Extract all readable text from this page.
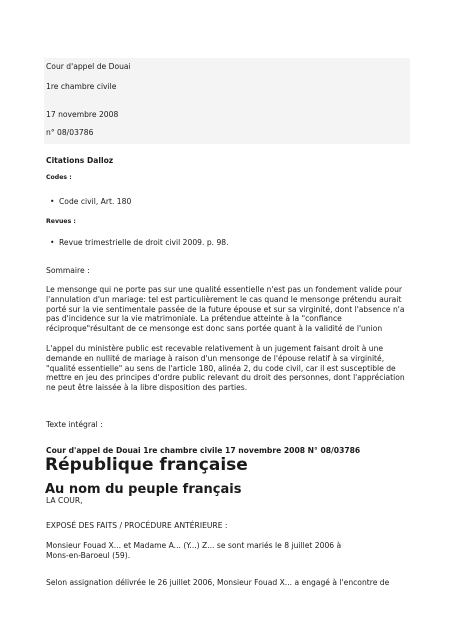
Cour d'appel de Douai
1re chambre civile
17 novembre 2008
n° 08/03786
Citations Dalloz
Codes :
• Code civil, Art. 180
Revues :
• Revue trimestrielle de droit civil 2009. p. 98.
Sommaire :
Le mensonge qui ne porte pas sur une qualité essentielle n'est pas un fondement valide pour
l'annulation d'un mariage: tel est particulièrement le cas quand le mensonge prétendu aurait
porté sur la vie sentimentale passée de la future épouse et sur sa virginité, dont l'absence n'a
pas d'incidence sur la vie matrimoniale. La prétendue atteinte à la "confiance
réciproque"résultant de ce mensonge est donc sans portée quant à la validité de l'union
L'appel du ministère public est recevable relativement à un jugement faisant droit à une
demande en nullité de mariage à raison d'un mensonge de l'épouse relatif à sa virginité,
"qualité essentielle" au sens de l'article 180, alinéa 2, du code civil, car il est susceptible de
mettre en jeu des principes d'ordre public relevant du droit des personnes, dont l'appréciation
ne peut être laissée à la libre disposition des parties.
Texte intégral :
Cour d'appel de Douai 1re chambre civile 17 novembre 2008 N° 08/03786
République française
Au nom du peuple français
LA COUR,
EXPOSÉ DES FAITS / PROCÉDURE ANTÉRIEURE :
Monsieur Fouad X... et Madame A... (Y...) Z... se sont mariés le 8 juillet 2006 à
Mons-en-Baroeul (59).
Selon assignation délivrée le 26 juillet 2006, Monsieur Fouad X... a engagé à l'encontre de
